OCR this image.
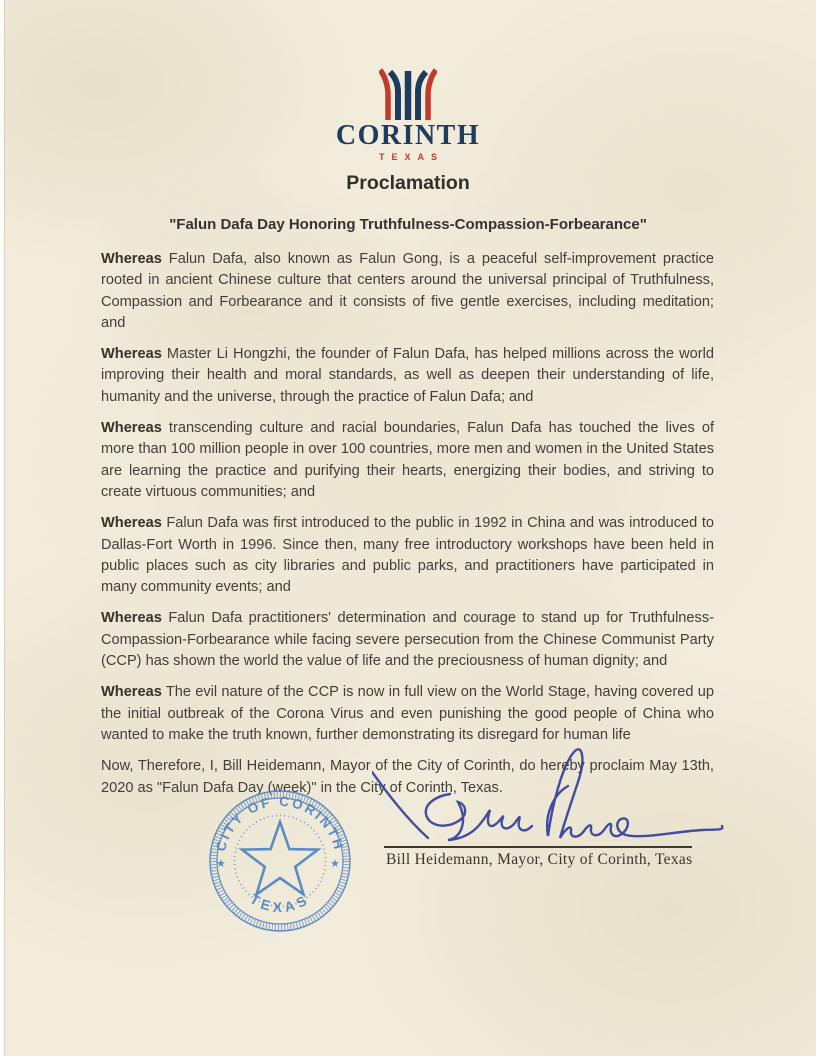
CORINTH
TEXAS
Proclamation
"Falun Dafa Day Honoring Truthfulness-Compassion-Forbearance"

Whereas Falun Dafa, also known as Falun Gong, is a peaceful self-improvement practice rooted in ancient Chinese culture that centers around the universal principal of Truthfulness, Compassion and Forbearance and it consists of five gentle exercises, including meditation; and

Whereas Master Li Hongzhi, the founder of Falun Dafa, has helped millions across the world improving their health and moral standards, as well as deepen their understanding of life, humanity and the universe, through the practice of Falun Dafa; and

Whereas transcending culture and racial boundaries, Falun Dafa has touched the lives of more than 100 million people in over 100 countries, more men and women in the United States are learning the practice and purifying their hearts, energizing their bodies, and striving to create virtuous communities; and

Whereas Falun Dafa was first introduced to the public in 1992 in China and was introduced to Dallas-Fort Worth in 1996. Since then, many free introductory workshops have been held in public places such as city libraries and public parks, and practitioners have participated in many community events; and

Whereas Falun Dafa practitioners' determination and courage to stand up for Truthfulness-Compassion-Forbearance while facing severe persecution from the Chinese Communist Party (CCP) has shown the world the value of life and the preciousness of human dignity; and

Whereas The evil nature of the CCP is now in full view on the World Stage, having covered up the initial outbreak of the Corona Virus and even punishing the good people of China who wanted to make the truth known, further demonstrating its disregard for human life

Now, Therefore, I, Bill Heidemann, Mayor of the City of Corinth, do hereby proclaim May 13th, 2020 as "Falun Dafa Day (week)" in the City of Corinth, Texas.

CITY OF CORINTH
TEXAS
★	★	Bill Heidemann, Mayor, City of Corinth, Texas
